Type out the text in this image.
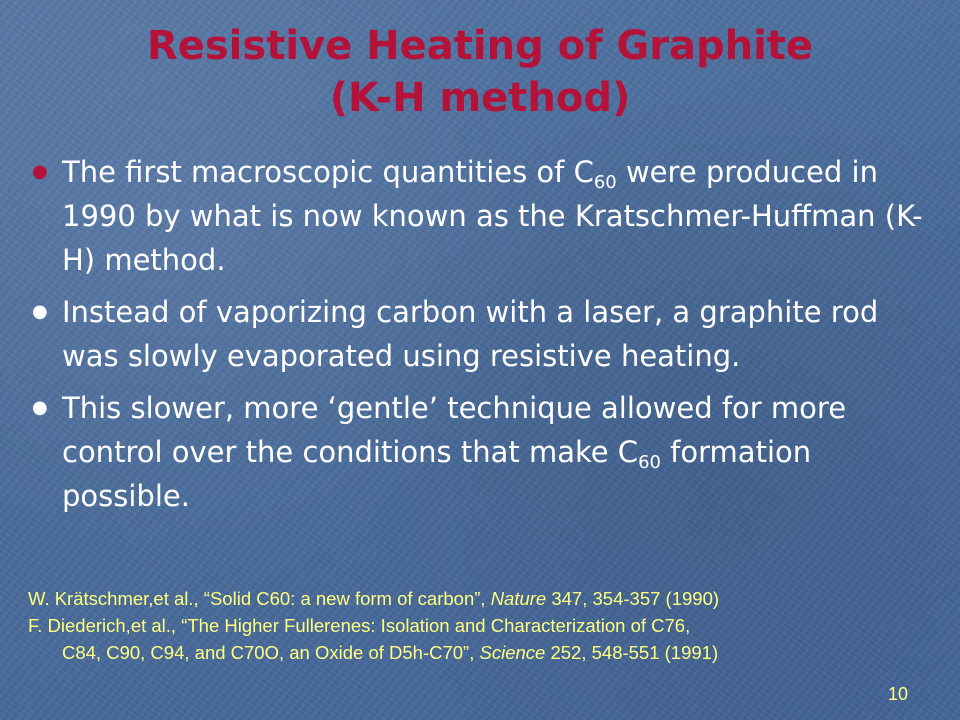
Resistive Heating of Graphite
(K-H method)
● The first macroscopic quantities of $C_{60}$ were produced in 1990 by what is now known as the Kratschmer-Huffman (K-H) method.
● Instead of vaporizing carbon with a laser, a graphite rod was slowly evaporated using resistive heating.
● This slower, more ‘gentle’ technique allowed for more control over the conditions that make $C_{60}$ formation possible.
W. Krätschmer,et al., “Solid C60: a new form of carbon”, Nature 347, 354-357 (1990)
F. Diederich,et al., “The Higher Fullerenes: Isolation and Characterization of C76,
C84, C90, C94, and C70O, an Oxide of D5h-C70”, Science 252, 548-551 (1991)
10
